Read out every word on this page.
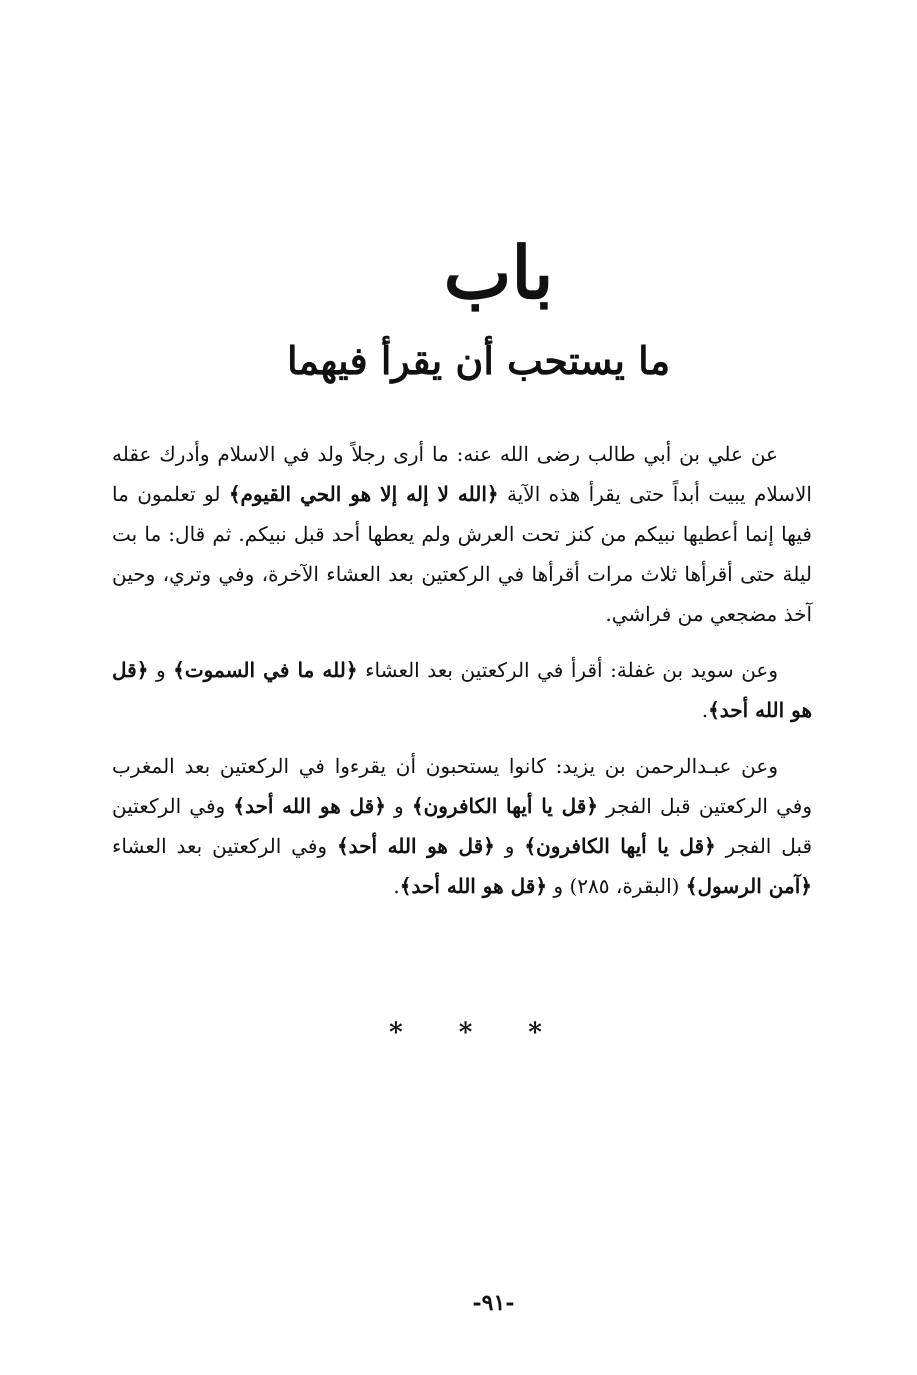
باب
ما يستحب أن يقرأ فيهما

عن علي بن أبي طالب رضى الله عنه: ما أرى رجلاً ولد في الاسلام وأدرك عقله الاسلام يبيت أبداً حتى يقرأ هذه الآية ﴿الله لا إله إلا هو الحي القيوم﴾ لو تعلمون ما فيها إنما أعطيها نبيكم من كنز تحت العرش ولم يعطها أحد قبل نبيكم. ثم قال: ما بت ليلة حتى أقرأها ثلاث مرات أقرأها في الركعتين بعد العشاء الآخرة، وفي وتري، وحين آخذ مضجعي من فراشي.

وعن سويد بن غفلة: أقرأ في الركعتين بعد العشاء ﴿لله ما في السموت﴾ و ﴿قل هو الله أحد﴾.

وعن عبـدالرحمن بن يزيد: كانوا يستحبون أن يقرءوا في الركعتين بعد المغرب وفي الركعتين قبل الفجر ﴿قل يا أيها الكافرون﴾ و ﴿قل هو الله أحد﴾ وفي الركعتين قبل الفجر ﴿قل يا أيها الكافرون﴾ و ﴿قل هو الله أحد﴾ وفي الركعتين بعد العشاء ﴿آمن الرسول﴾ (البقرة، ٢٨٥) و ﴿قل هو الله أحد﴾.

***
-٩١-
